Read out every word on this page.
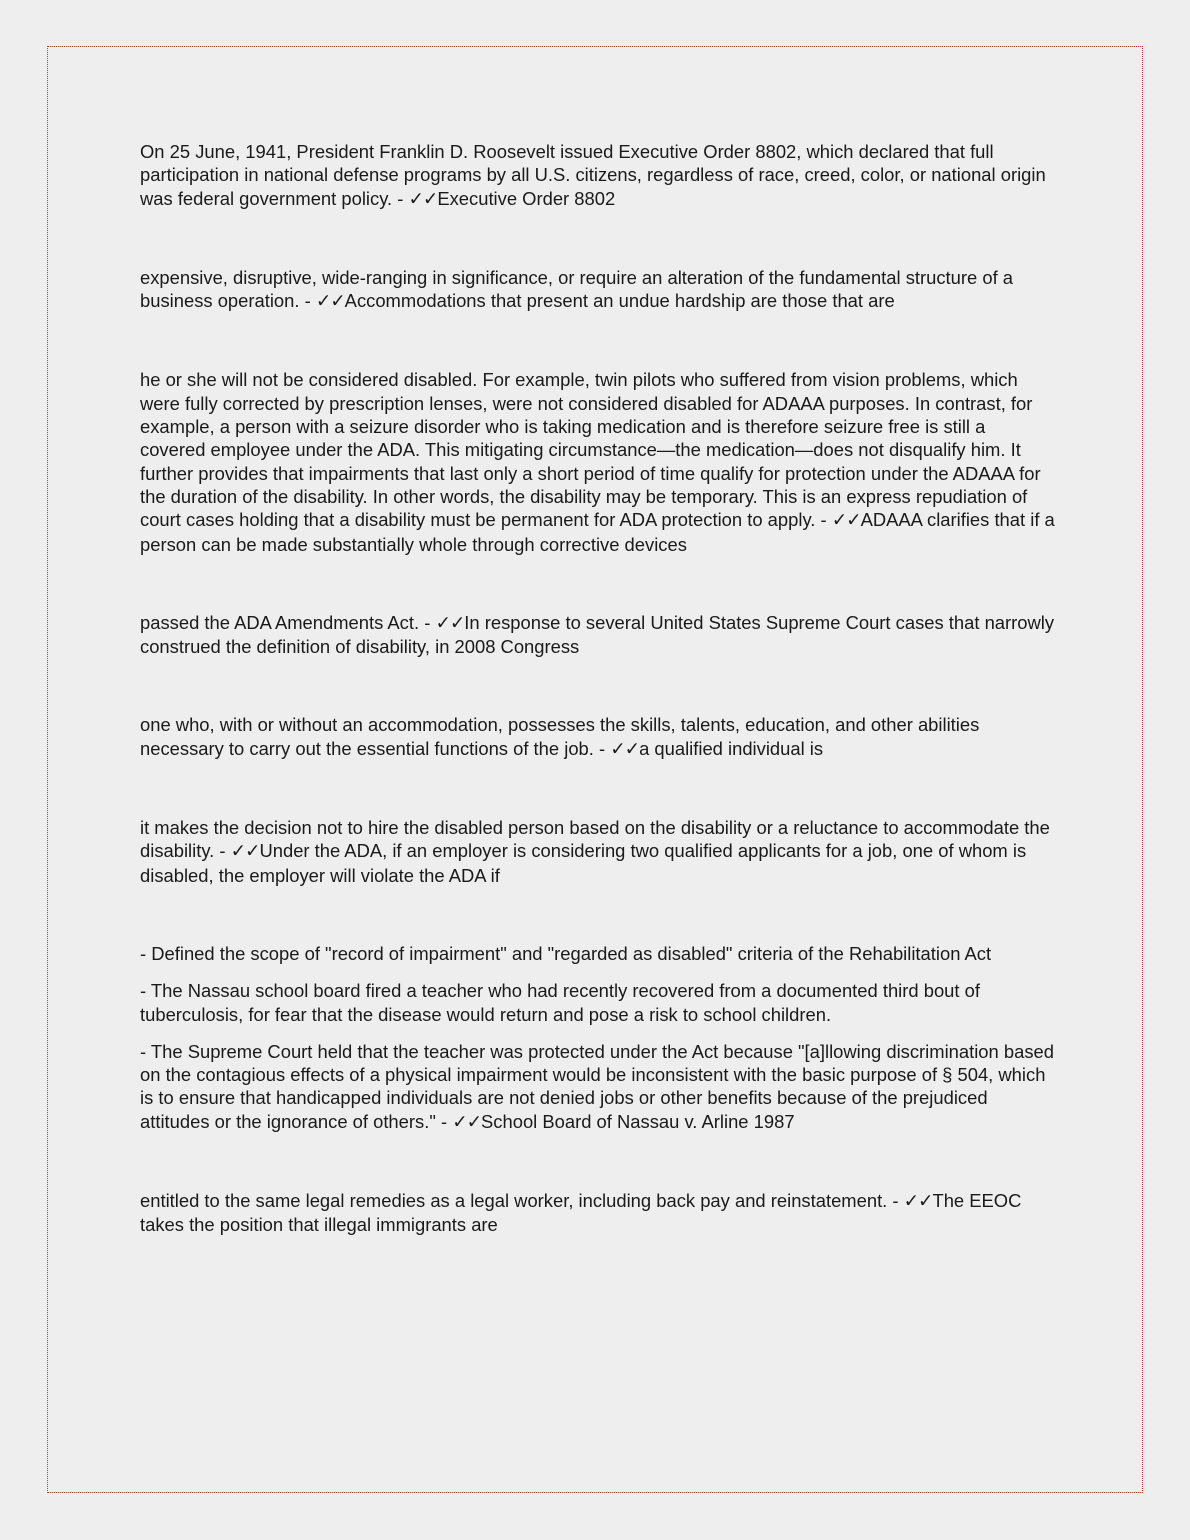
On 25 June, 1941, President Franklin D. Roosevelt issued Executive Order 8802, which declared that full participation in national defense programs by all U.S. citizens, regardless of race, creed, color, or national origin was federal government policy. - ✓✓Executive Order 8802

expensive, disruptive, wide-ranging in significance, or require an alteration of the fundamental structure of a business operation. - ✓✓Accommodations that present an undue hardship are those that are

he or she will not be considered disabled. For example, twin pilots who suffered from vision problems, which were fully corrected by prescription lenses, were not considered disabled for ADAAA purposes. In contrast, for example, a person with a seizure disorder who is taking medication and is therefore seizure free is still a covered employee under the ADA. This mitigating circumstance—the medication—does not disqualify him. It further provides that impairments that last only a short period of time qualify for protection under the ADAAA for the duration of the disability. In other words, the disability may be temporary. This is an express repudiation of court cases holding that a disability must be permanent for ADA protection to apply. - ✓✓ADAAA clarifies that if a person can be made substantially whole through corrective devices

passed the ADA Amendments Act. - ✓✓In response to several United States Supreme Court cases that narrowly construed the definition of disability, in 2008 Congress

one who, with or without an accommodation, possesses the skills, talents, education, and other abilities necessary to carry out the essential functions of the job. - ✓✓a qualified individual is

it makes the decision not to hire the disabled person based on the disability or a reluctance to accommodate the disability. - ✓✓Under the ADA, if an employer is considering two qualified applicants for a job, one of whom is disabled, the employer will violate the ADA if

- Defined the scope of "record of impairment" and "regarded as disabled" criteria of the Rehabilitation Act

- The Nassau school board fired a teacher who had recently recovered from a documented third bout of tuberculosis, for fear that the disease would return and pose a risk to school children.

- The Supreme Court held that the teacher was protected under the Act because "[a]llowing discrimination based on the contagious effects of a physical impairment would be inconsistent with the basic purpose of § 504, which is to ensure that handicapped individuals are not denied jobs or other benefits because of the prejudiced attitudes or the ignorance of others." - ✓✓School Board of Nassau v. Arline 1987

entitled to the same legal remedies as a legal worker, including back pay and reinstatement. - ✓✓The EEOC takes the position that illegal immigrants are
